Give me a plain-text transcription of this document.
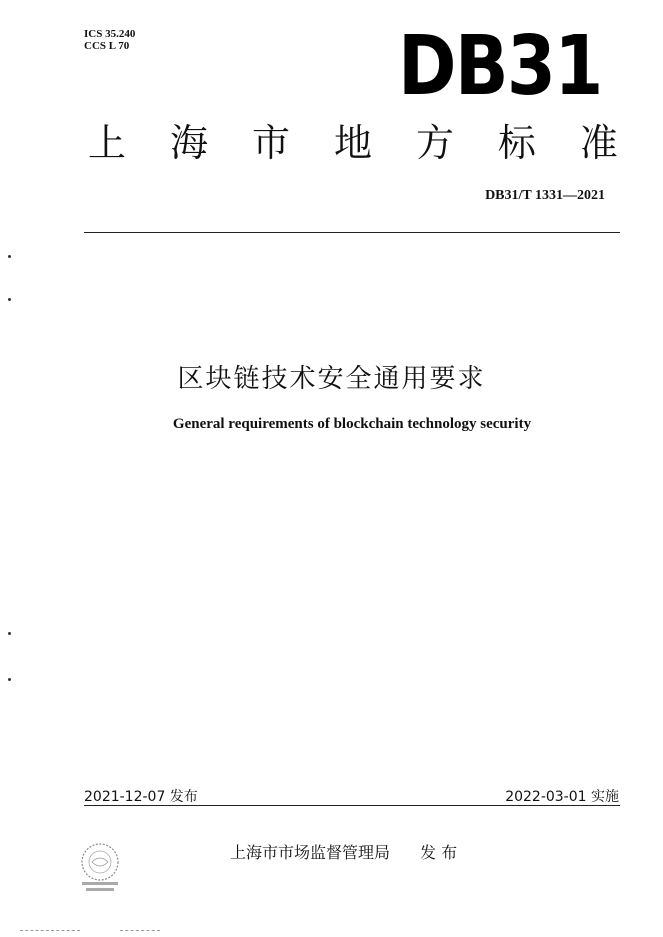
ICS 35.240
CCS L 70	DB31
上 海 市 地 方 标 准
DB31/T 1331—2021
区块链技术安全通用要求
General requirements of blockchain technology security
2021-12-07 发布	2022-03-01 实施
上海市市场监督管理局 发 布
